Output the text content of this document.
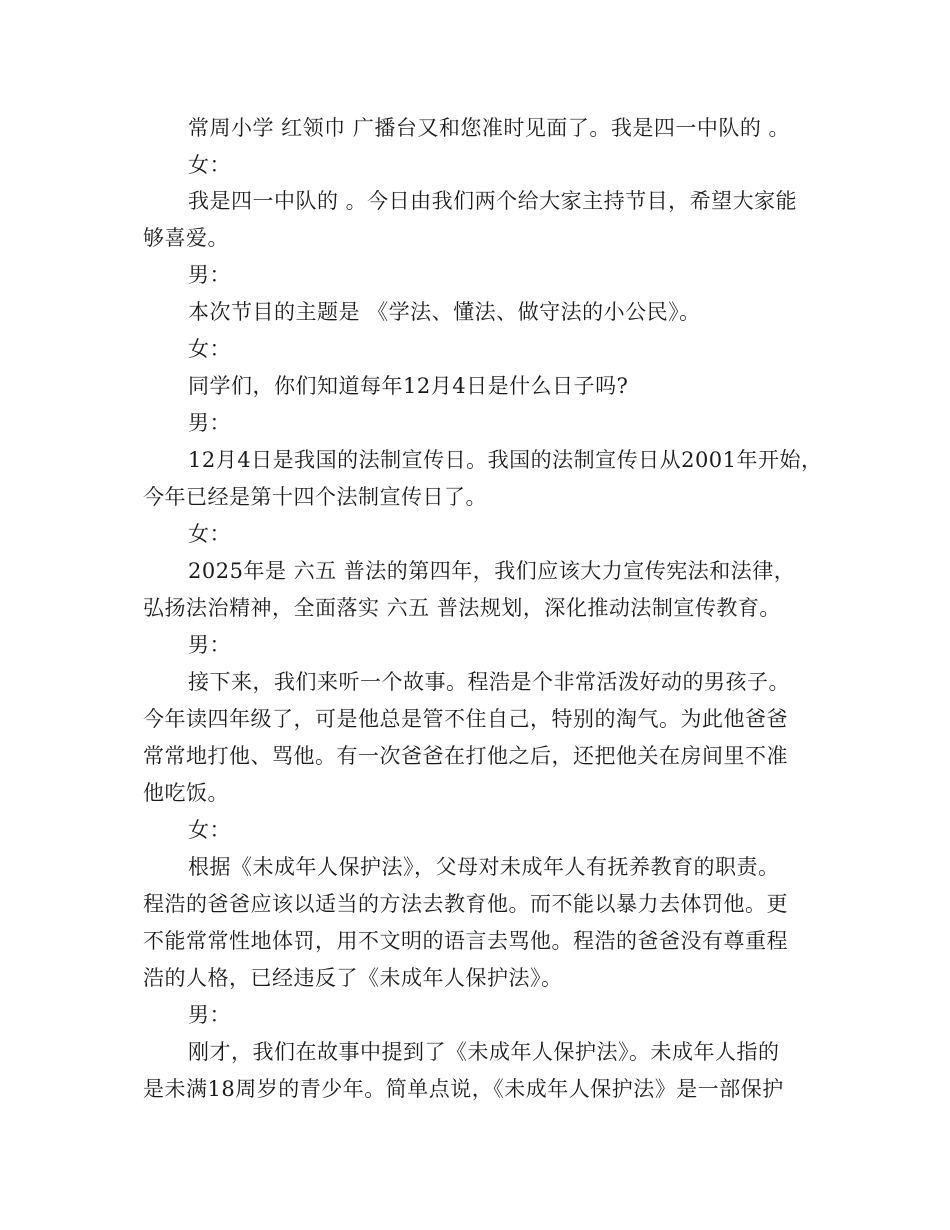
常周小学 红领巾 广播台又和您准时见面了。我是四一中队的 。
女：
我是四一中队的 。今日由我们两个给大家主持节目，希望大家能
够喜爱。
男：
本次节目的主题是 《学法、懂法、做守法的小公民》。
女：
同学们，你们知道每年12月4日是什么日子吗?
男：
12月4日是我国的法制宣传日。我国的法制宣传日从2001年开始，
今年已经是第十四个法制宣传日了。
女：
2025年是 六五 普法的第四年，我们应该大力宣传宪法和法律，
弘扬法治精神，全面落实 六五 普法规划，深化推动法制宣传教育。
男：
接下来，我们来听一个故事。程浩是个非常活泼好动的男孩子。
今年读四年级了，可是他总是管不住自己，特别的淘气。为此他爸爸
常常地打他、骂他。有一次爸爸在打他之后，还把他关在房间里不准
他吃饭。
女：
根据《未成年人保护法》，父母对未成年人有抚养教育的职责。
程浩的爸爸应该以适当的方法去教育他。而不能以暴力去体罚他。更
不能常常性地体罚，用不文明的语言去骂他。程浩的爸爸没有尊重程
浩的人格，已经违反了《未成年人保护法》。
男：
刚才，我们在故事中提到了《未成年人保护法》。未成年人指的
是未满18周岁的青少年。简单点说，《未成年人保护法》是一部保护
